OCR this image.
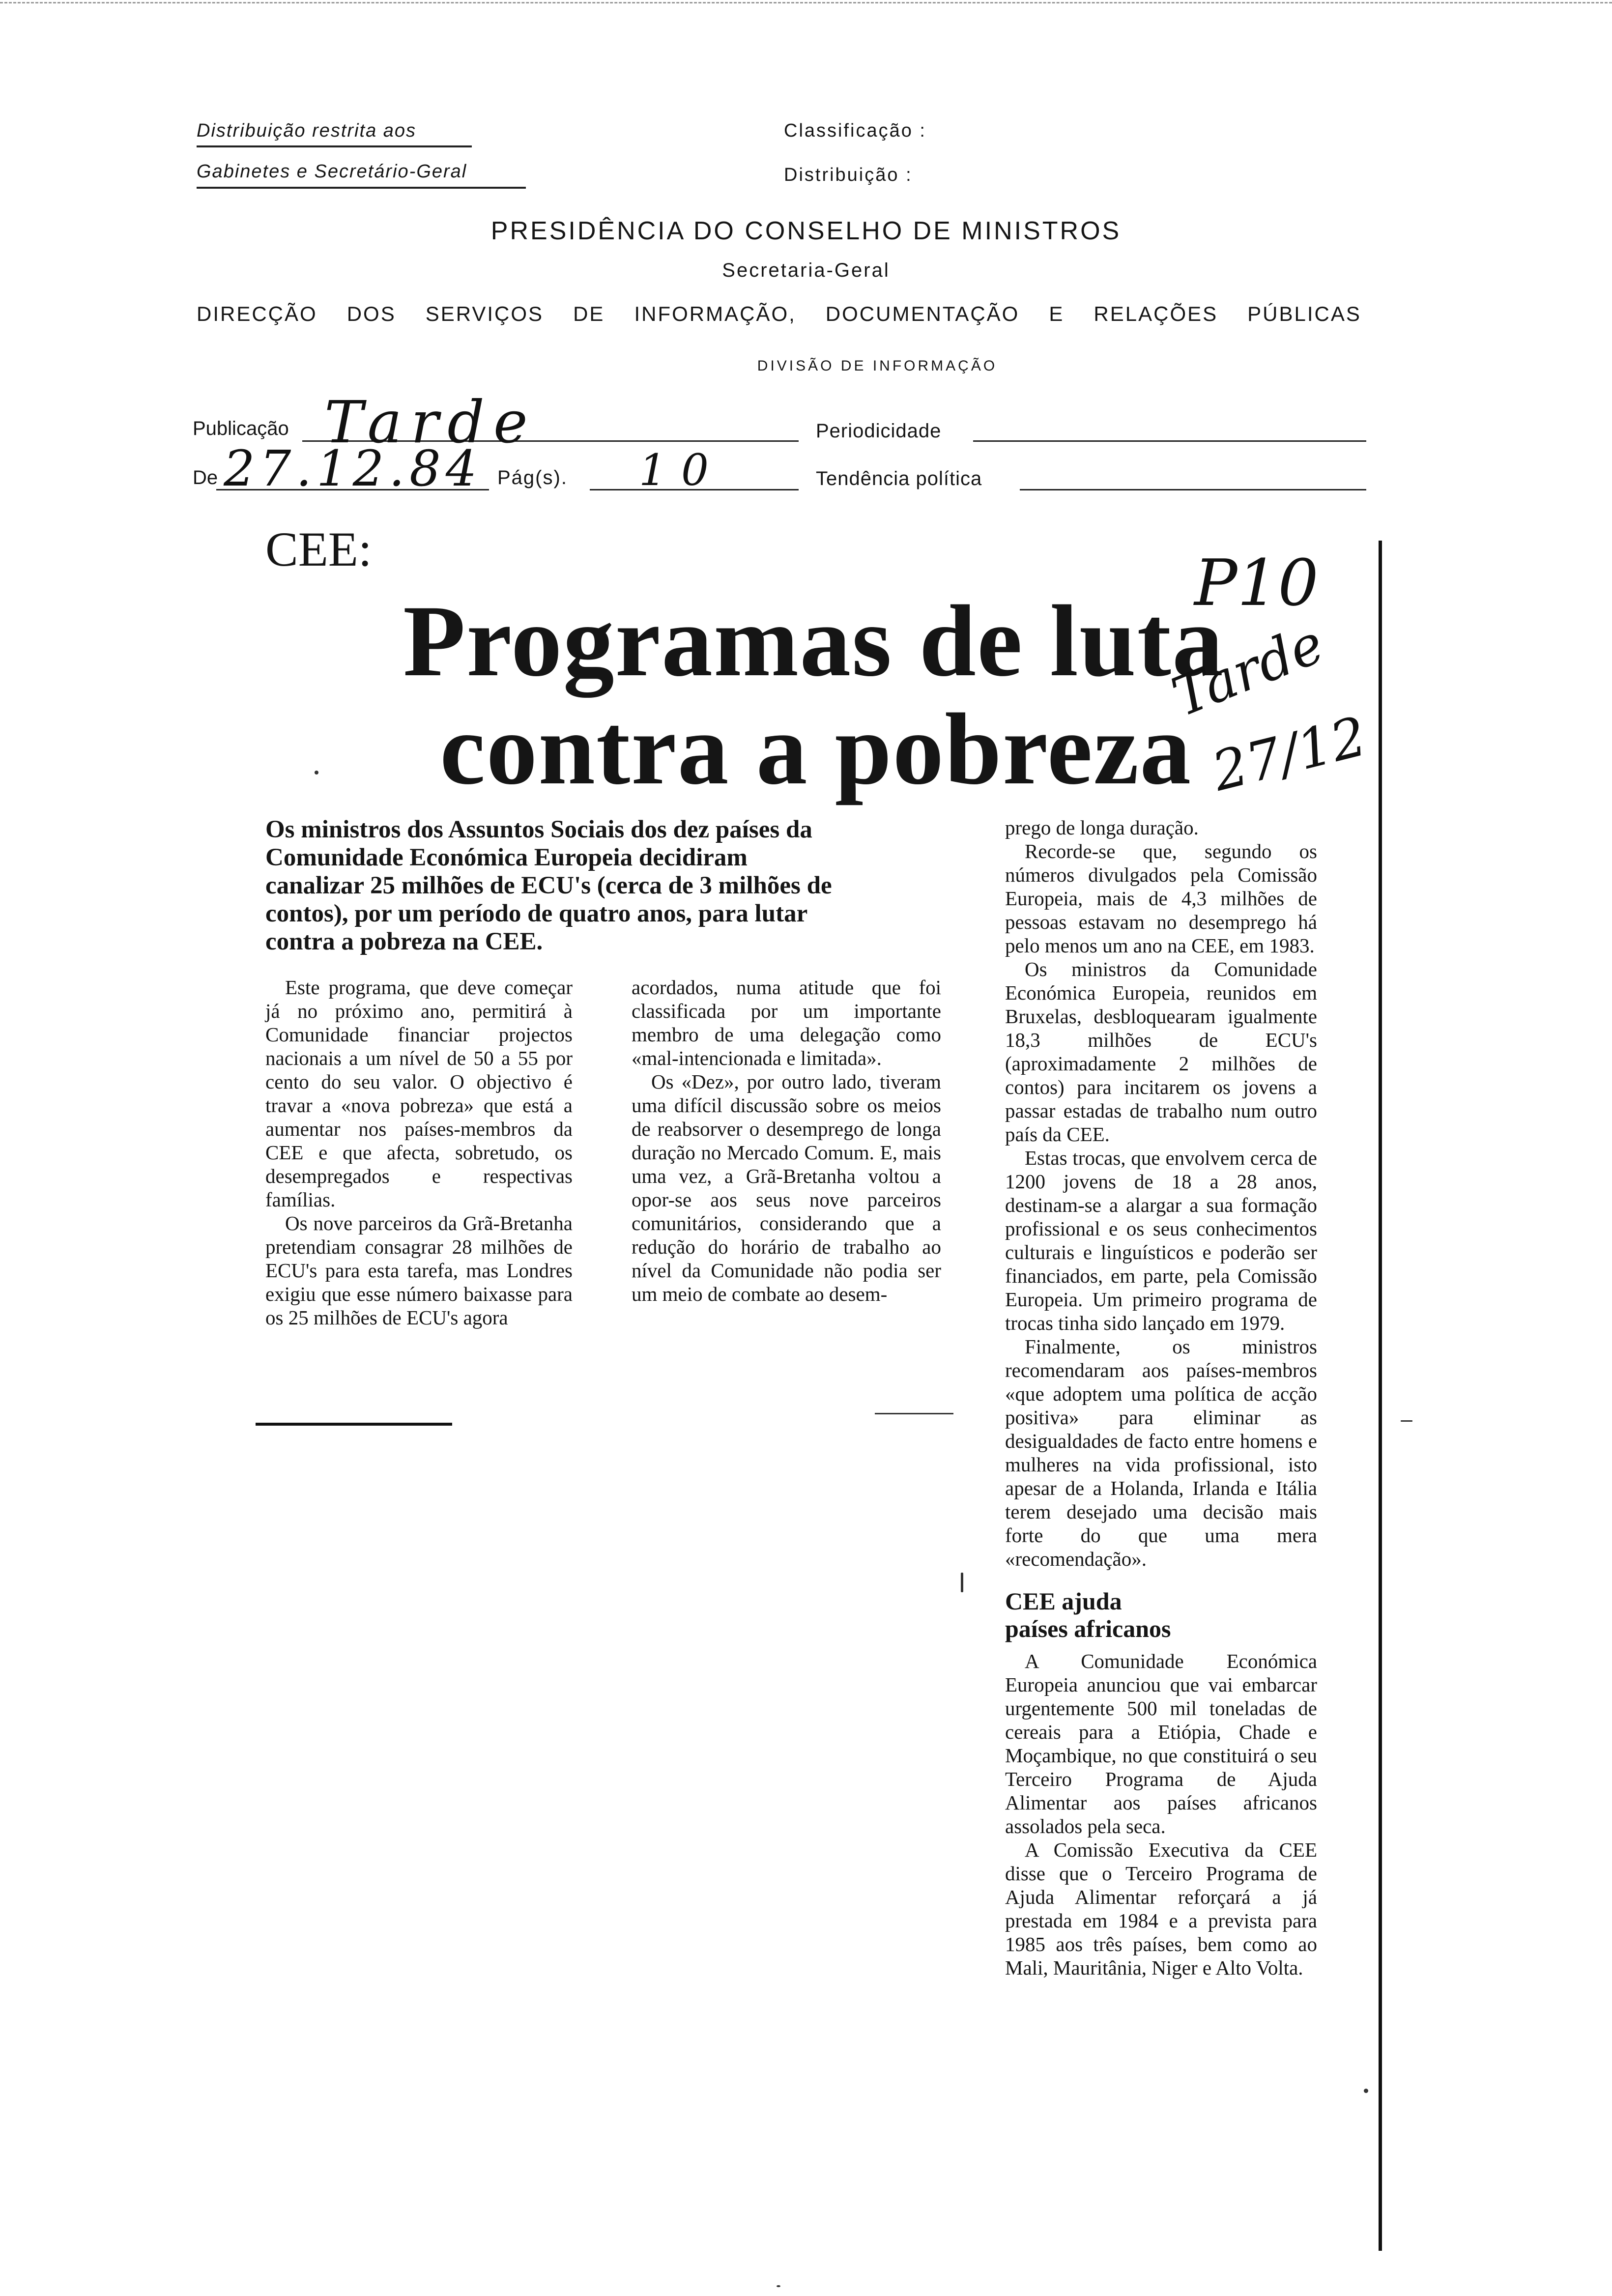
Distribuição restrita aos
Gabinetes e Secretário-Geral
Classificação :
Distribuição :
PRESIDÊNCIA DO CONSELHO DE MINISTROS
Secretaria-Geral
DIRECÇÃO DOS SERVIÇOS DE INFORMAÇÃO, DOCUMENTAÇÃO E RELAÇÕES PÚBLICAS
DIVISÃO DE INFORMAÇÃO
Publicação Tarde	Periodicidade
De 27.12.84 Pág(s). 10	Tendência política
CEE:
Programas de luta
contra a pobreza
P10
Tarde
27/12
Os ministros dos Assuntos Sociais dos dez países da
Comunidade Económica Europeia decidiram
canalizar 25 milhões de ECU's (cerca de 3 milhões de
contos), por um período de quatro anos, para lutar
contra a pobreza na CEE.

Este programa, que deve começar já no próximo ano, permitirá à Comunidade financiar projectos nacionais a um nível de 50 a 55 por cento do seu valor. O objectivo é travar a «nova pobreza» que está a aumentar nos países-membros da CEE e que afecta, sobretudo, os desempregados e respectivas famílias.

Os nove parceiros da Grã-Bretanha pretendiam consagrar 28 milhões de ECU's para esta tarefa, mas Londres exigiu que esse número baixasse para os 25 milhões de ECU's agora

acordados, numa atitude que foi classificada por um importante membro de uma delegação como «mal-intencionada e limitada».

Os «Dez», por outro lado, tiveram uma difícil discussão sobre os meios de reabsorver o desemprego de longa duração no Mercado Comum. E, mais uma vez, a Grã-Bretanha voltou a opor-se aos seus nove parceiros comunitários, considerando que a redução do horário de trabalho ao nível da Comunidade não podia ser um meio de combate ao desem-

prego de longa duração.

Recorde-se que, segundo os números divulgados pela Comissão Europeia, mais de 4,3 milhões de pessoas estavam no desemprego há pelo menos um ano na CEE, em 1983.

Os ministros da Comunidade Económica Europeia, reunidos em Bruxelas, desbloquearam igualmente 18,3 milhões de ECU's (aproximadamente 2 milhões de contos) para incitarem os jovens a passar estadas de trabalho num outro país da CEE.

Estas trocas, que envolvem cerca de 1200 jovens de 18 a 28 anos, destinam-se a alargar a sua formação profissional e os seus conhecimentos culturais e linguísticos e poderão ser financiados, em parte, pela Comissão Europeia. Um primeiro programa de trocas tinha sido lançado em 1979.

Finalmente, os ministros recomendaram aos países-membros «que adoptem uma política de acção positiva» para eliminar as desigualdades de facto entre homens e mulheres na vida profissional, isto apesar de a Holanda, Irlanda e Itália terem desejado uma decisão mais forte do que uma mera «recomendação».

CEE ajuda
países africanos

A Comunidade Económica Europeia anunciou que vai embarcar urgentemente 500 mil toneladas de cereais para a Etiópia, Chade e Moçambique, no que constituirá o seu Terceiro Programa de Ajuda Alimentar aos países africanos assolados pela seca.

A Comissão Executiva da CEE disse que o Terceiro Programa de Ajuda Alimentar reforçará a já prestada em 1984 e a prevista para 1985 aos três países, bem como ao Mali, Mauritânia, Niger e Alto Volta.
